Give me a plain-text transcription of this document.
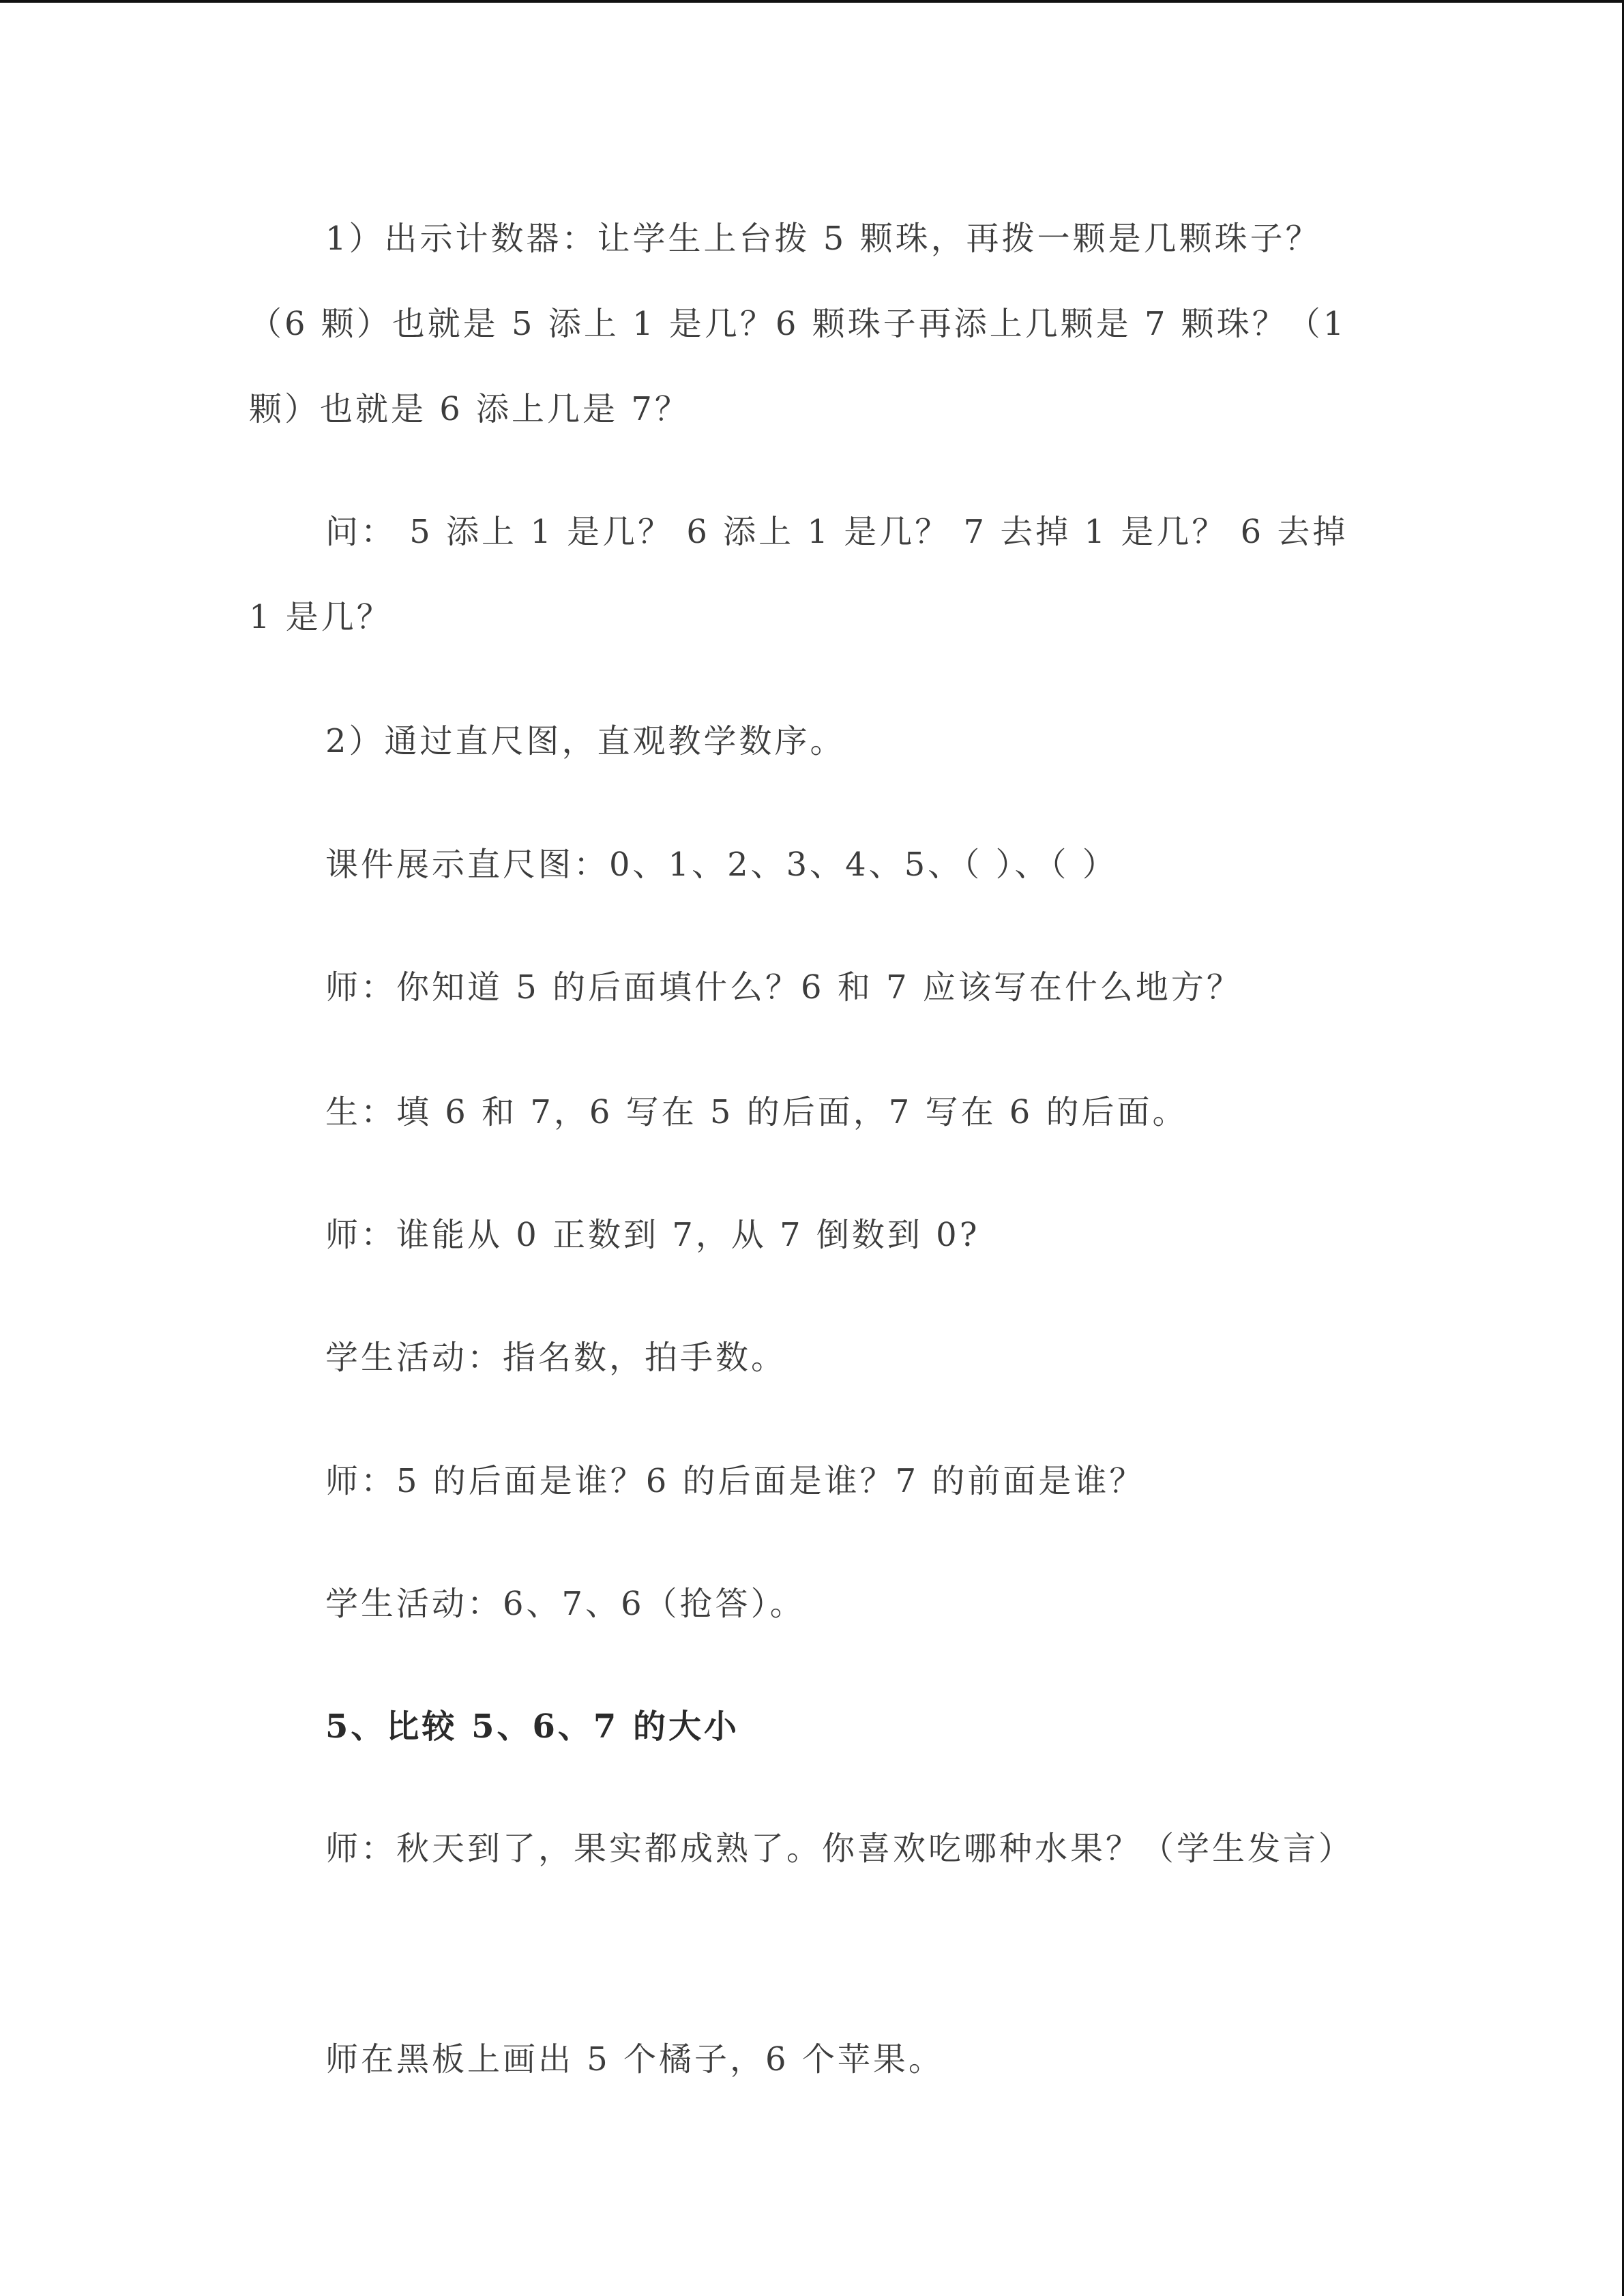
1）出示计数器：让学生上台拨 5 颗珠，再拨一颗是几颗珠子？（6 颗）也就是 5 添上 1 是几？6 颗珠子再添上几颗是 7 颗珠？（1 颗）也就是 6 添上几是 7？

问： 5 添上 1 是几？ 6 添上 1 是几？ 7 去掉 1 是几？ 6 去掉 1 是几？

2）通过直尺图，直观教学数序。

课件展示直尺图：0、1、2、3、4、5、（ ）、（ ）

师：你知道 5 的后面填什么？6 和 7 应该写在什么地方？

生：填 6 和 7，6 写在 5 的后面，7 写在 6 的后面。

师：谁能从 0 正数到 7，从 7 倒数到 0?

学生活动：指名数，拍手数。

师：5 的后面是谁？6 的后面是谁？7 的前面是谁？

学生活动：6、7、6（抢答）。

5、比较 5、6、7 的大小

师：秋天到了，果实都成熟了。你喜欢吃哪种水果？（学生发言）

师在黑板上画出 5 个橘子，6 个苹果。
